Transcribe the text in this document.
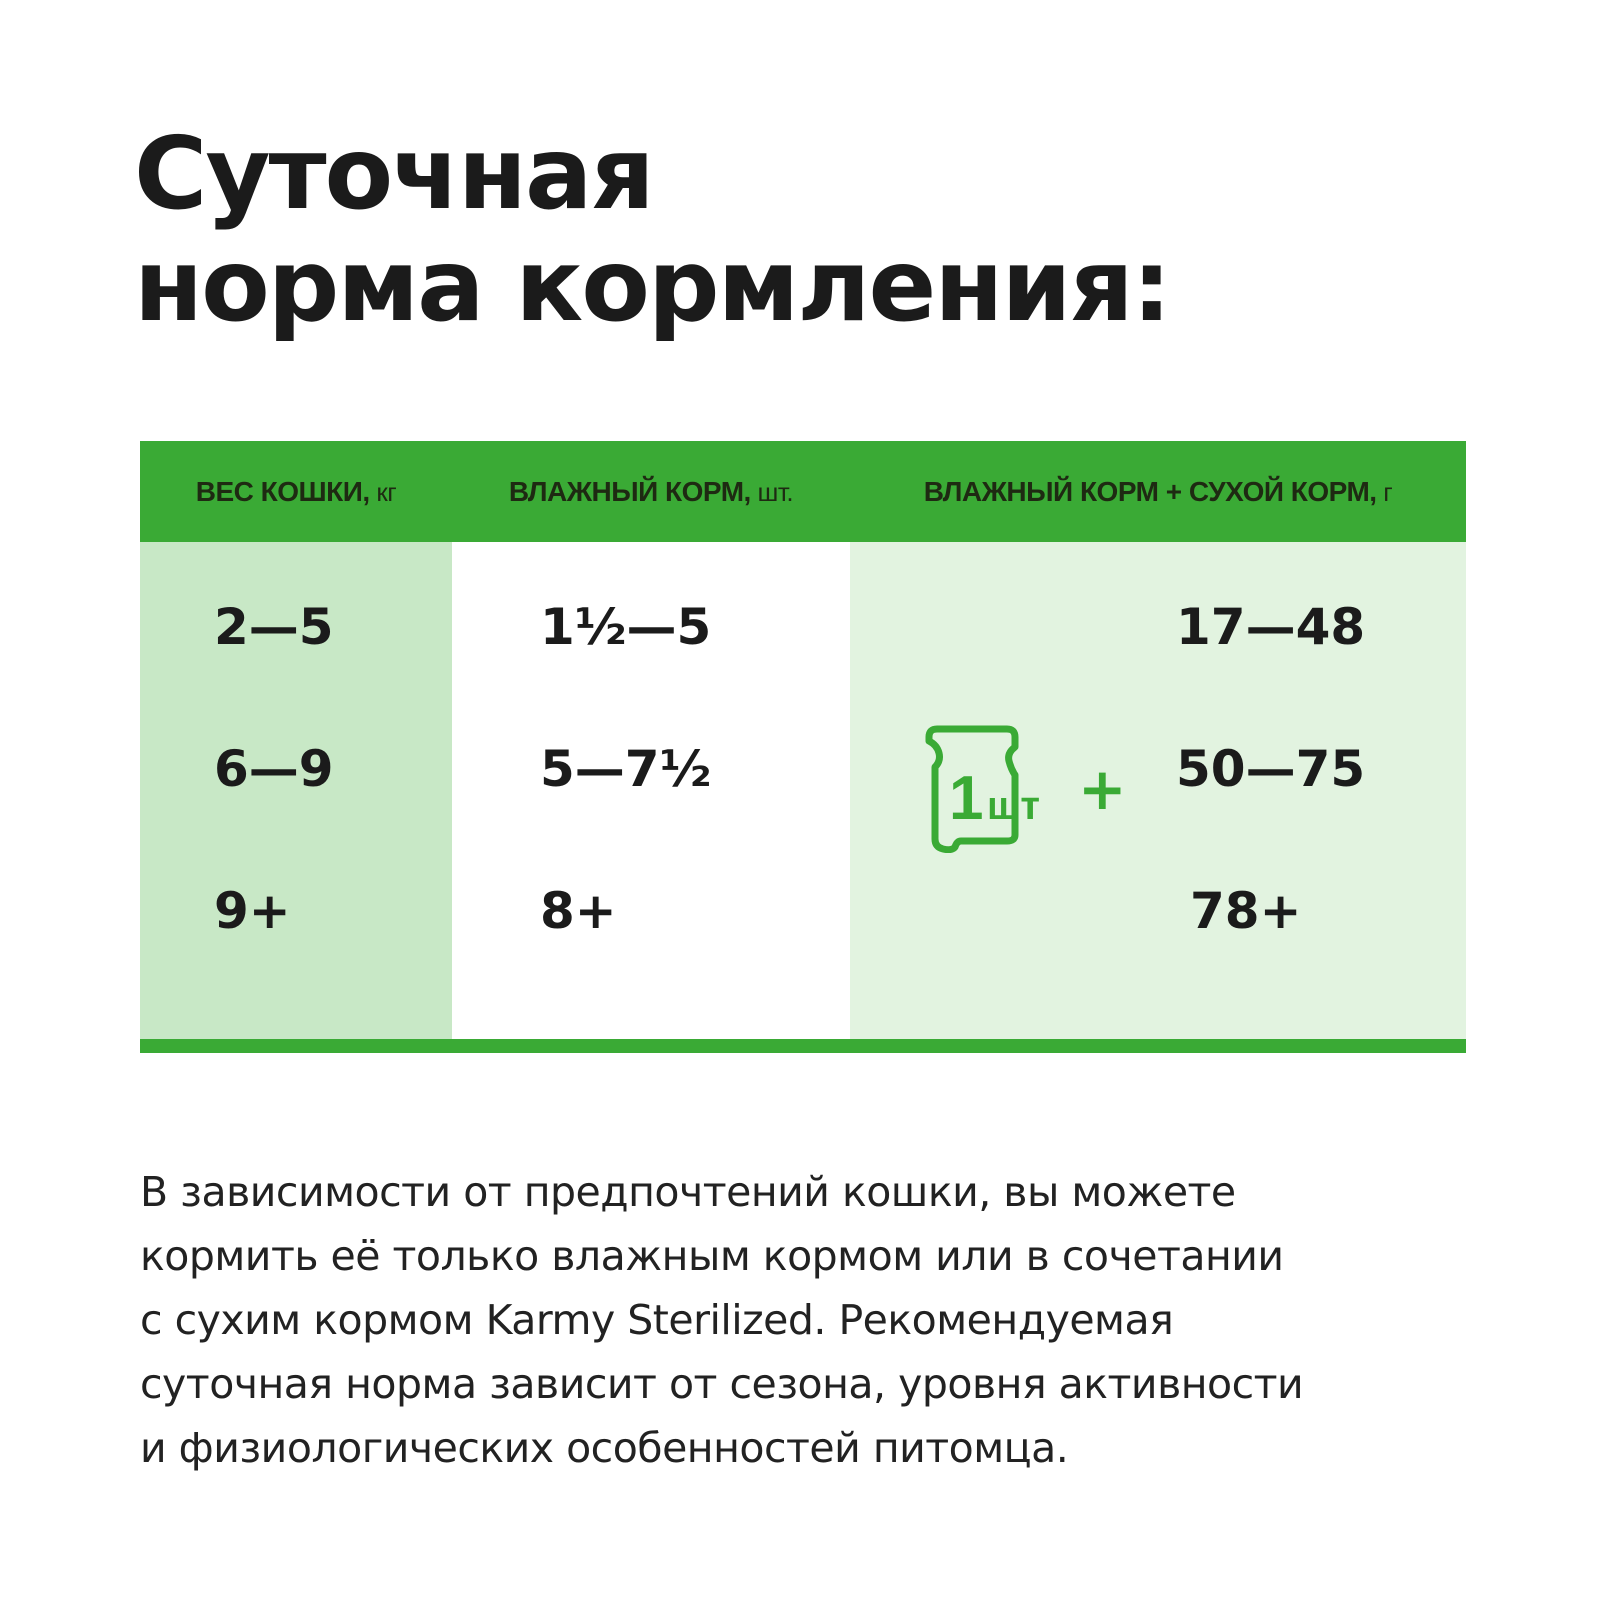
Суточная
норма кормления:
ВЕС КОШКИ, кг	ВЛАЖНЫЙ КОРМ, шт.	ВЛАЖНЫЙ КОРМ + СУХОЙ КОРМ, г
2—5	1½—5	17—48
6—9	5—7½	50—75
9+	8+	78+
1 шт +

В зависимости от предпочтений кошки, вы можете
кормить её только влажным кормом или в сочетании
с сухим кормом Karmy Sterilized. Рекомендуемая
суточная норма зависит от сезона, уровня активности
и физиологических особенностей питомца.
